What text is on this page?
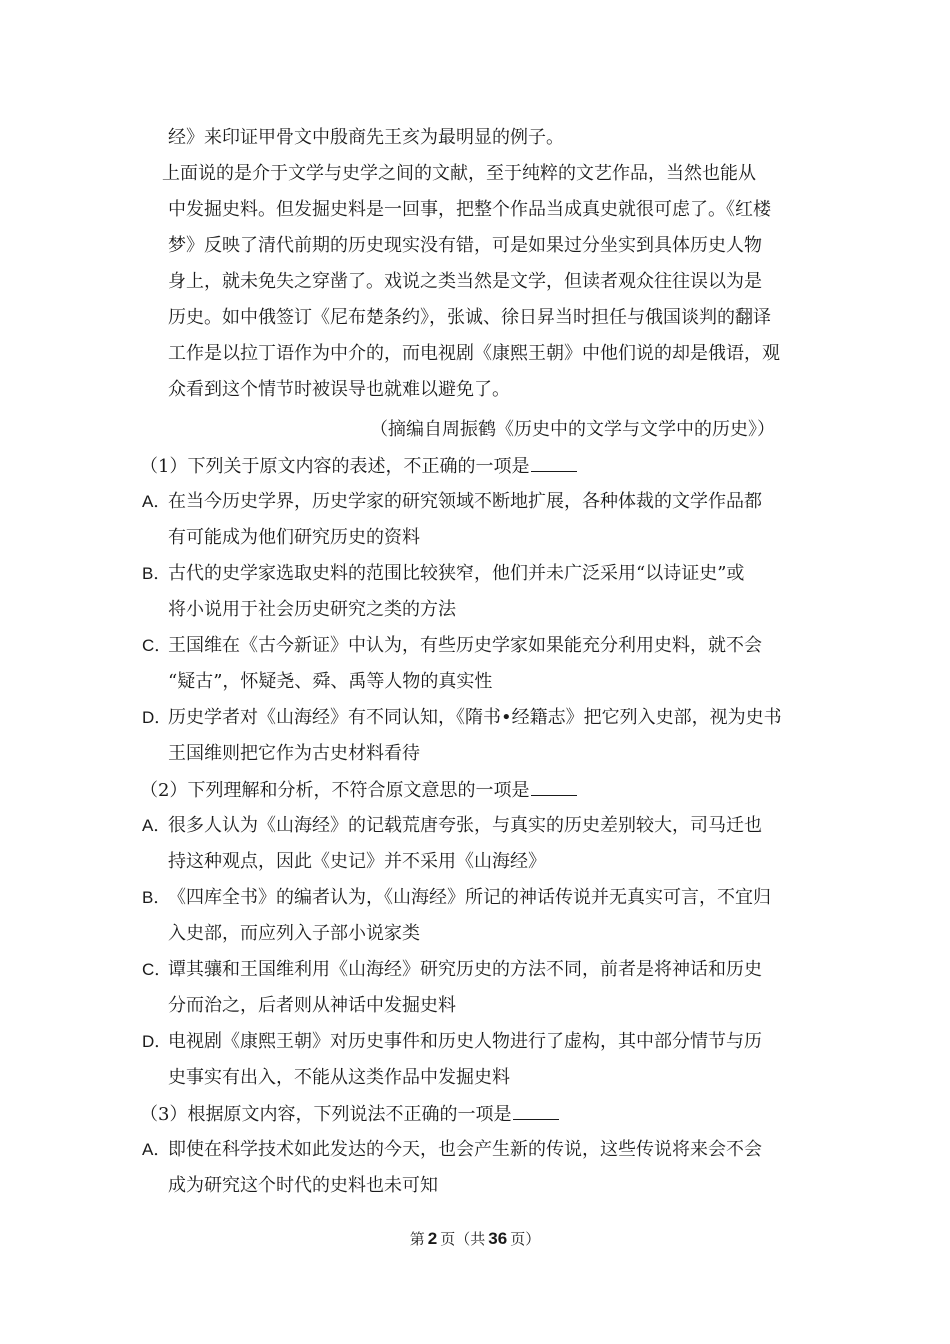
经》来印证甲骨文中殷商先王亥为最明显的例子。
上面说的是介于文学与史学之间的文献，至于纯粹的文艺作品，当然也能从
中发掘史料。但发掘史料是一回事，把整个作品当成真史就很可虑了。《红楼
梦》反映了清代前期的历史现实没有错，可是如果过分坐实到具体历史人物
身上，就未免失之穿凿了。戏说之类当然是文学，但读者观众往往误以为是
历史。如中俄签订《尼布楚条约》，张诚、徐日昇当时担任与俄国谈判的翻译
工作是以拉丁语作为中介的，而电视剧《康熙王朝》中他们说的却是俄语，观
众看到这个情节时被误导也就难以避免了。
（摘编自周振鹤《历史中的文学与文学中的历史》）
（1）下列关于原文内容的表述，不正确的一项是
A．
在当今历史学界，历史学家的研究领域不断地扩展，各种体裁的文学作品都
有可能成为他们研究历史的资料
B．
古代的史学家选取史料的范围比较狭窄，他们并未广泛采用“以诗证史”或
将小说用于社会历史研究之类的方法
C．
王国维在《古今新证》中认为，有些历史学家如果能充分利用史料，就不会
“疑古”，怀疑尧、舜、禹等人物的真实性
D．
历史学者对《山海经》有不同认知，《隋书•经籍志》把它列入史部，视为史书
王国维则把它作为古史材料看待
（2）下列理解和分析，不符合原文意思的一项是
A．
很多人认为《山海经》的记载荒唐夸张，与真实的历史差别较大，司马迁也
持这种观点，因此《史记》并不采用《山海经》
B．
《四库全书》的编者认为，《山海经》所记的神话传说并无真实可言，不宜归
入史部，而应列入子部小说家类
C．
谭其骧和王国维利用《山海经》研究历史的方法不同，前者是将神话和历史
分而治之，后者则从神话中发掘史料
D．
电视剧《康熙王朝》对历史事件和历史人物进行了虚构，其中部分情节与历
史事实有出入，不能从这类作品中发掘史料
（3）根据原文内容，下列说法不正确的一项是
A．
即使在科学技术如此发达的今天，也会产生新的传说，这些传说将来会不会
成为研究这个时代的史料也未可知
第 2 页（共 36 页）
